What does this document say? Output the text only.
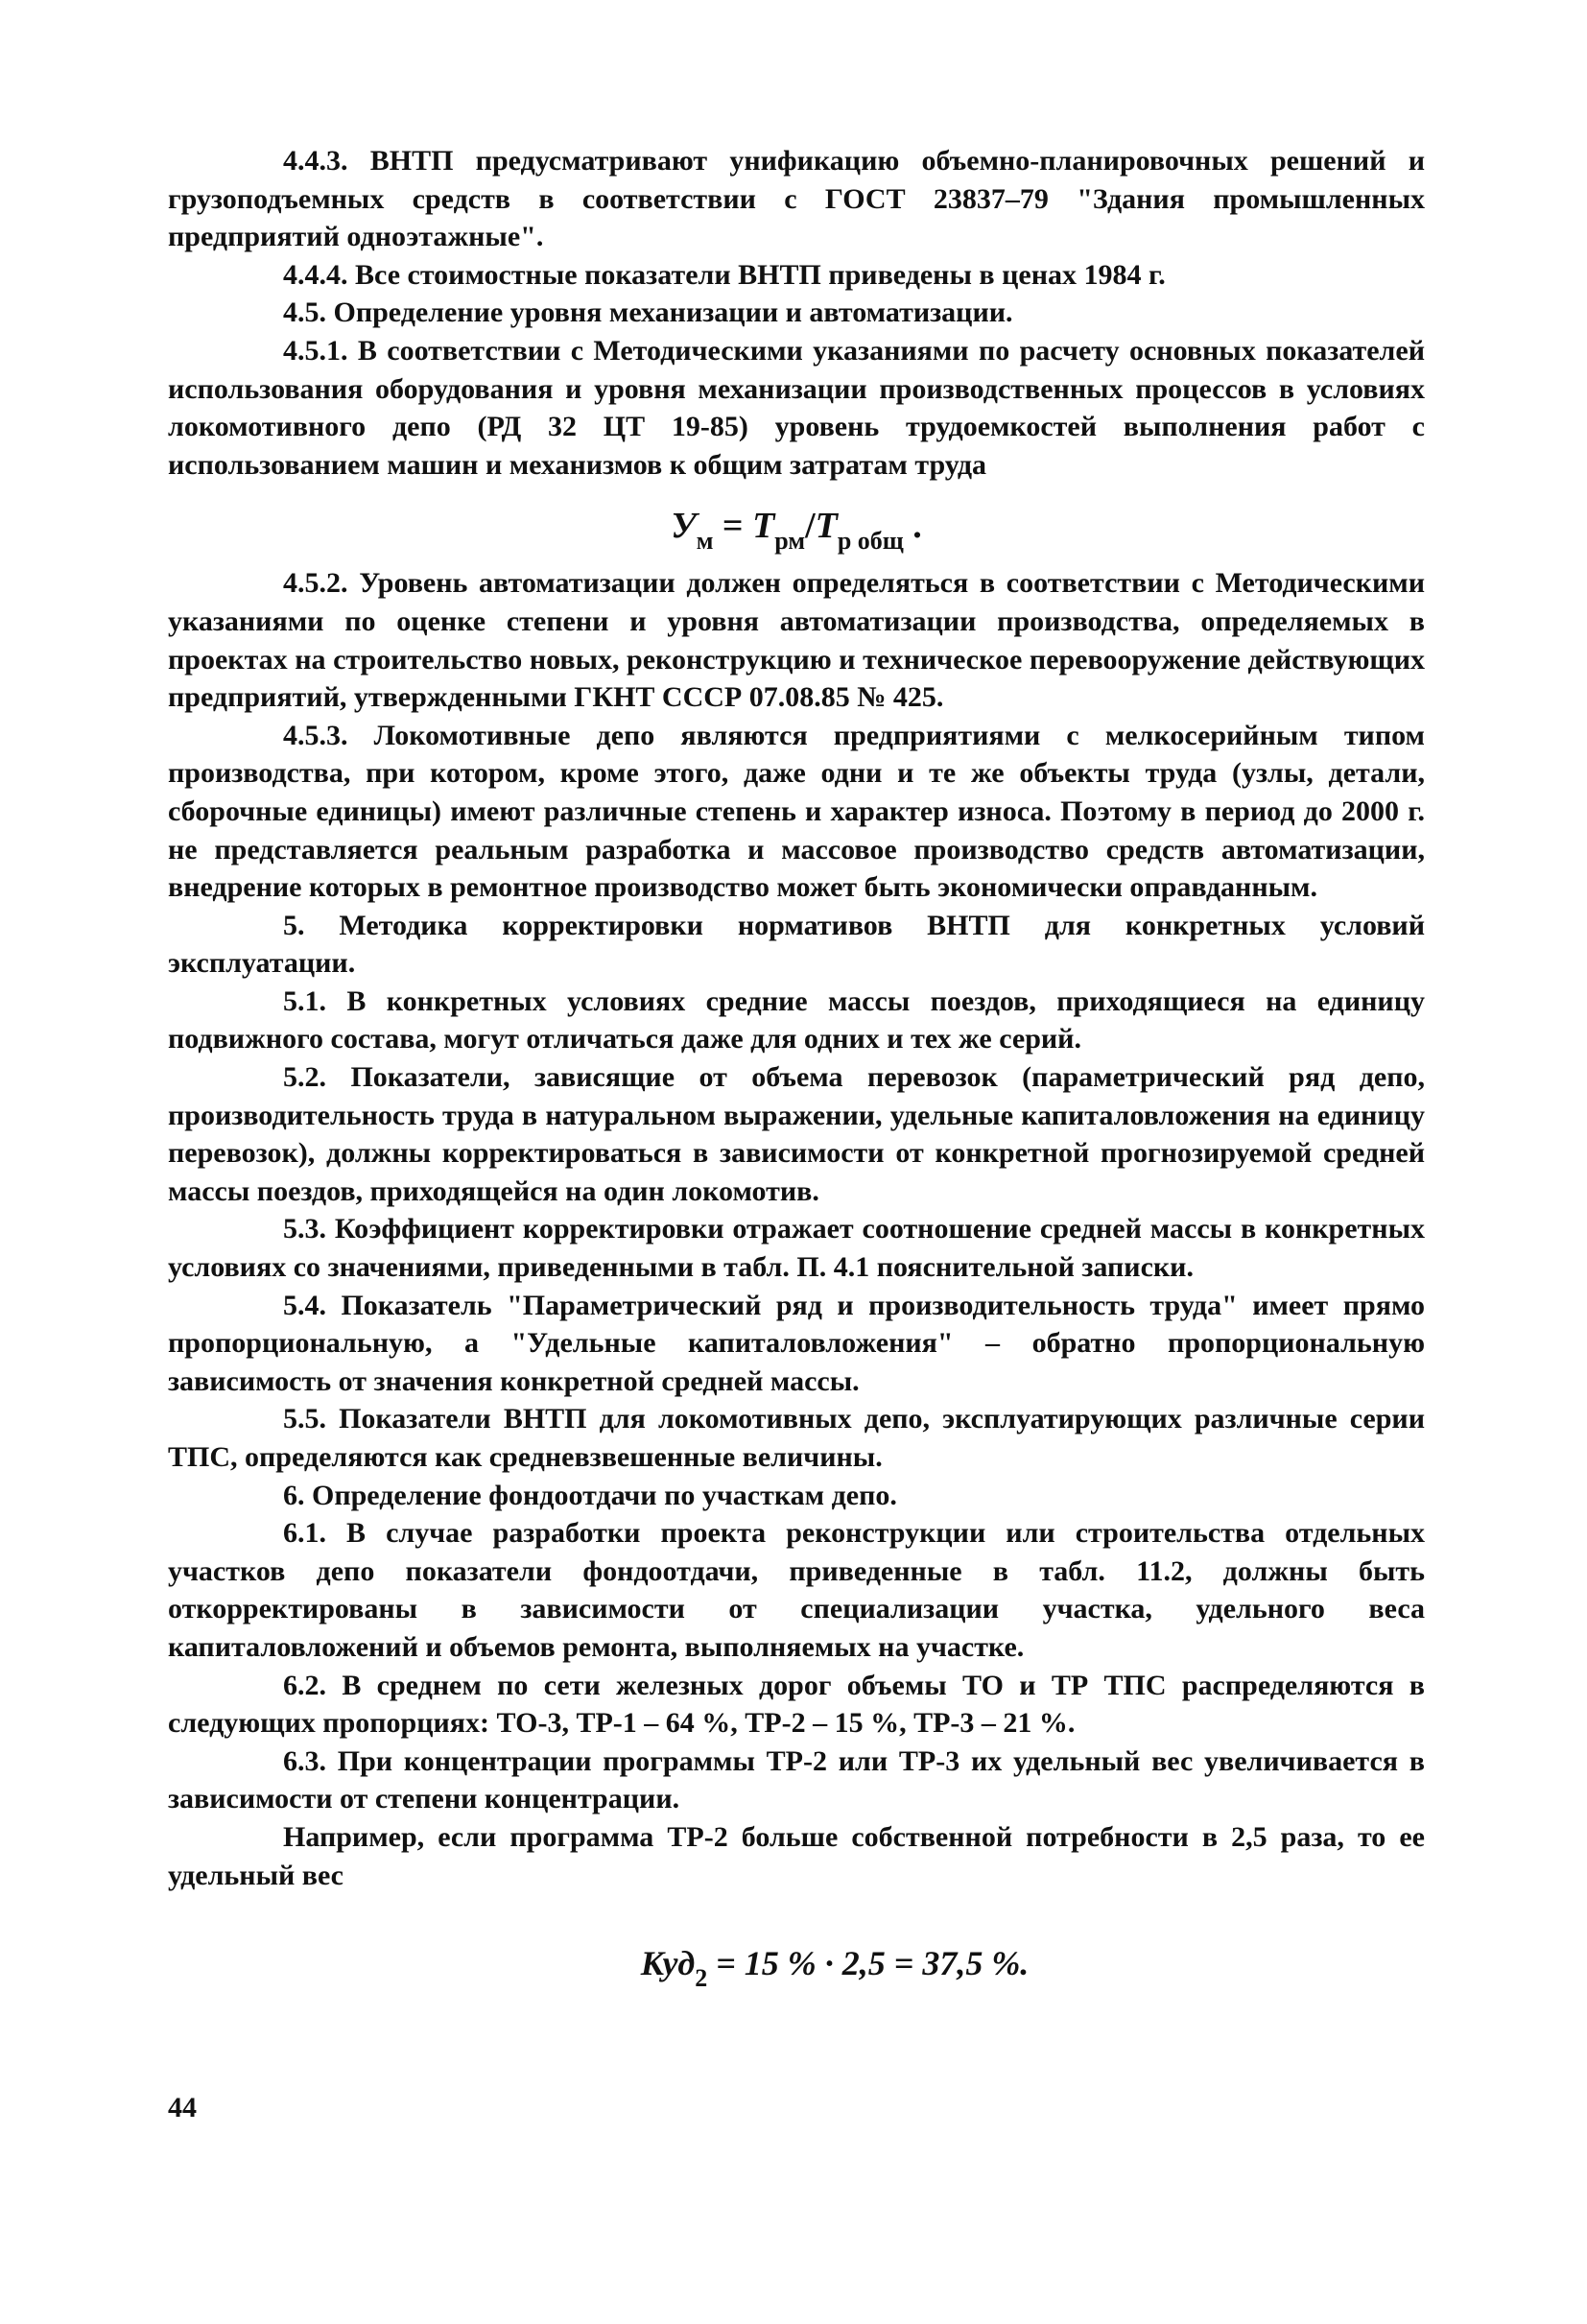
4.4.3. ВНТП предусматривают унификацию объемно-планировочных решений и грузоподъемных средств в соответствии с ГОСТ 23837–79 "Здания промышленных предприятий одноэтажные".

4.4.4. Все стоимостные показатели ВНТП приведены в ценах 1984 г.

4.5. Определение уровня механизации и автоматизации.

4.5.1. В соответствии с Методическими указаниями по расчету основных показателей использования оборудования и уровня механизации производственных процессов в условиях локомотивного депо (РД 32 ЦТ 19-85) уровень трудоемкостей выполнения работ с использованием машин и механизмов к общим затратам труда

$У_м = Т_{рм}/Т_{р общ}$ .

4.5.2. Уровень автоматизации должен определяться в соответствии с Методическими указаниями по оценке степени и уровня автоматизации производства, определяемых в проектах на строительство новых, реконструкцию и техническое перевооружение действующих предприятий, утвержденными ГКНТ СССР 07.08.85 № 425.

4.5.3. Локомотивные депо являются предприятиями с мелкосерийным типом производства, при котором, кроме этого, даже одни и те же объекты труда (узлы, детали, сборочные единицы) имеют различные степень и характер износа. Поэтому в период до 2000 г. не представляется реальным разработка и массовое производство средств автоматизации, внедрение которых в ремонтное производство может быть экономически оправданным.

5. Методика корректировки нормативов ВНТП для конкретных условий эксплуатации.

5.1. В конкретных условиях средние массы поездов, приходящиеся на единицу подвижного состава, могут отличаться даже для одних и тех же серий.

5.2. Показатели, зависящие от объема перевозок (параметрический ряд депо, производительность труда в натуральном выражении, удельные капиталовложения на единицу перевозок), должны корректироваться в зависимости от конкретной прогнозируемой средней массы поездов, приходящейся на один локомотив.

5.3. Коэффициент корректировки отражает соотношение средней массы в конкретных условиях со значениями, приведенными в табл. П. 4.1 пояснительной записки.

5.4. Показатель "Параметрический ряд и производительность труда" имеет прямо пропорциональную, а "Удельные капиталовложения" – обратно пропорциональную зависимость от значения конкретной средней массы.

5.5. Показатели ВНТП для локомотивных депо, эксплуатирующих различные серии ТПС, определяются как средневзвешенные величины.

6. Определение фондоотдачи по участкам депо.

6.1. В случае разработки проекта реконструкции или строительства отдельных участков депо показатели фондоотдачи, приведенные в табл. 11.2, должны быть откорректированы в зависимости от специализации участка, удельного веса капиталовложений и объемов ремонта, выполняемых на участке.

6.2. В среднем по сети железных дорог объемы ТО и ТР ТПС распределяются в следующих пропорциях: ТО-3, ТР-1 – 64 %, ТР-2 – 15 %, ТР-3 – 21 %.

6.3. При концентрации программы ТР-2 или ТР-3 их удельный вес увеличивается в зависимости от степени концентрации.

Например, если программа ТР-2 больше собственной потребности в 2,5 раза, то ее удельный вес

Куд$_2$ = 15 % · 2,5 = 37,5 %.
44
